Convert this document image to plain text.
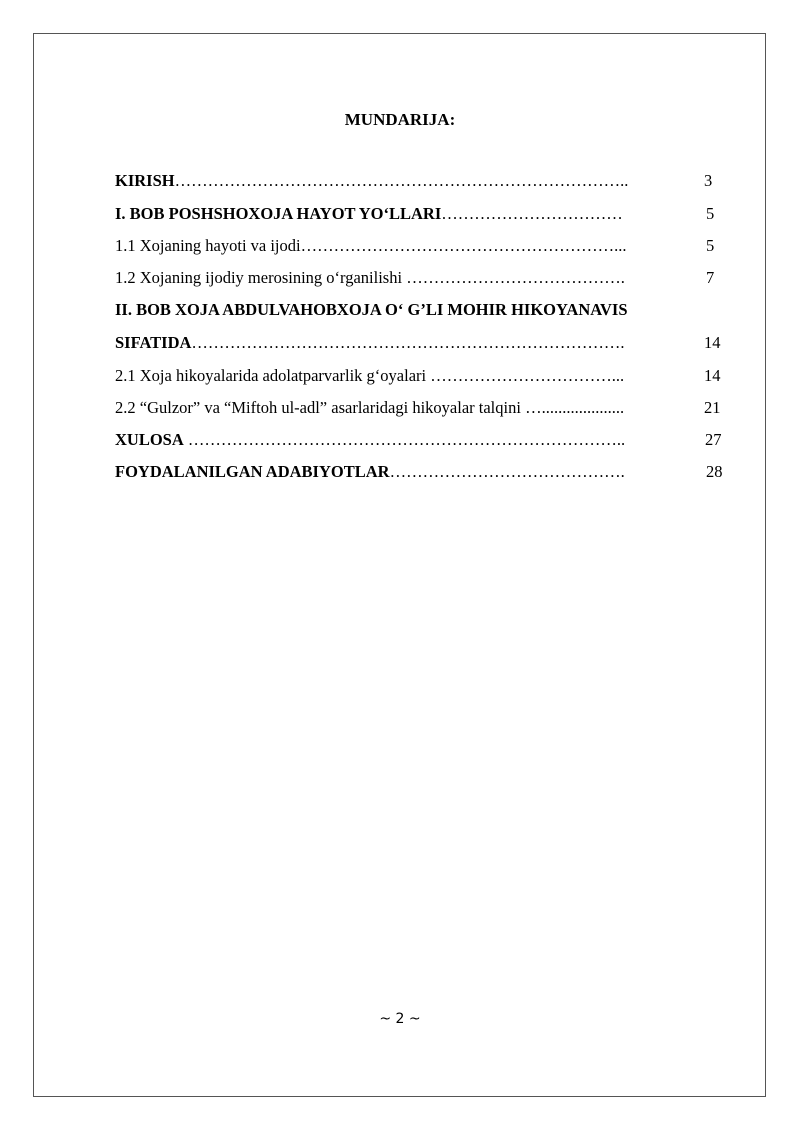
MUNDARIJA:
KIRISH………………………………………………………………………..	3
I. BOB POSHSHOXOJA HAYOT YO‘LLARI……………………………	5
1.1 Xojaning hayoti va ijodi…………………………………………………...	5
1.2 Xojaning ijodiy merosining o‘rganilishi ………………………………….	7
II. BOB XOJA ABDULVAHOBXOJA O‘ G’LI MOHIR HIKOYANAVIS
SIFATIDA…………………………………………………………………….	14
2.1 Xoja hikoyalarida adolatparvarlik g‘oyalari ……………………………...	14
2.2 “Gulzor” va “Miftoh ul-adl” asarlaridagi hikoyalar talqini …....................	21
XULOSA ……………………………………………………………………..	27
FOYDALANILGAN ADABIYOTLAR…………………………………….	28
~ 2 ~
